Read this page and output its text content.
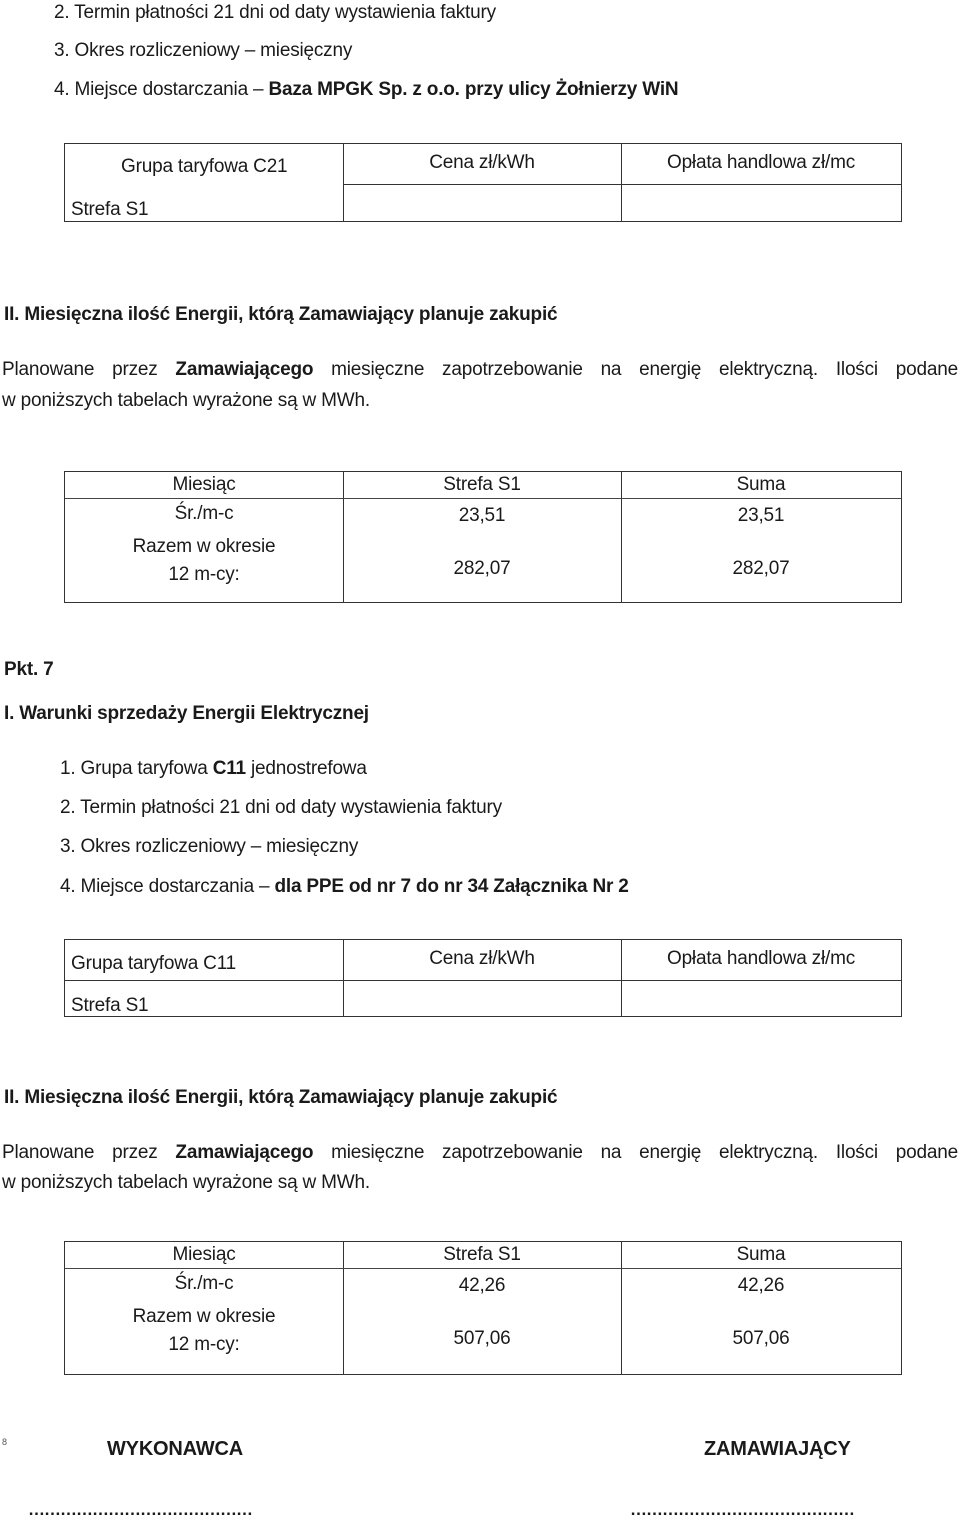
2. Termin płatności 21 dni od daty wystawienia faktury
3. Okres rozliczeniowy – miesięczny
4. Miejsce dostarczania – Baza MPGK Sp. z o.o. przy ulicy Żołnierzy WiN
Grupa taryfowa C21	Cena zł/kWh	Opłata handlowa zł/mc
Strefa S1
II. Miesięczna ilość Energii, którą Zamawiający planuje zakupić
Planowane przez Zamawiającego miesięczne zapotrzebowanie na energię elektryczną. Ilości podane
w poniższych tabelach wyrażone są w MWh.
Miesiąc	Strefa S1	Suma
Śr./m-c	23,51	23,51
Razem w okresie
12 m-cy:	282,07	282,07
Pkt. 7
I. Warunki sprzedaży Energii Elektrycznej
1. Grupa taryfowa C11 jednostrefowa
2. Termin płatności 21 dni od daty wystawienia faktury
3. Okres rozliczeniowy – miesięczny
4. Miejsce dostarczania – dla PPE od nr 7 do nr 34 Załącznika Nr 2
Grupa taryfowa C11	Cena zł/kWh	Opłata handlowa zł/mc
Strefa S1
II. Miesięczna ilość Energii, którą Zamawiający planuje zakupić
Planowane przez Zamawiającego miesięczne zapotrzebowanie na energię elektryczną. Ilości podane
w poniższych tabelach wyrażone są w MWh.
Miesiąc	Strefa S1	Suma
Śr./m-c	42,26	42,26
Razem w okresie
12 m-cy:	507,06	507,06
8	WYKONAWCA	ZAMAWIAJĄCY
……………………………………	……………………………………
